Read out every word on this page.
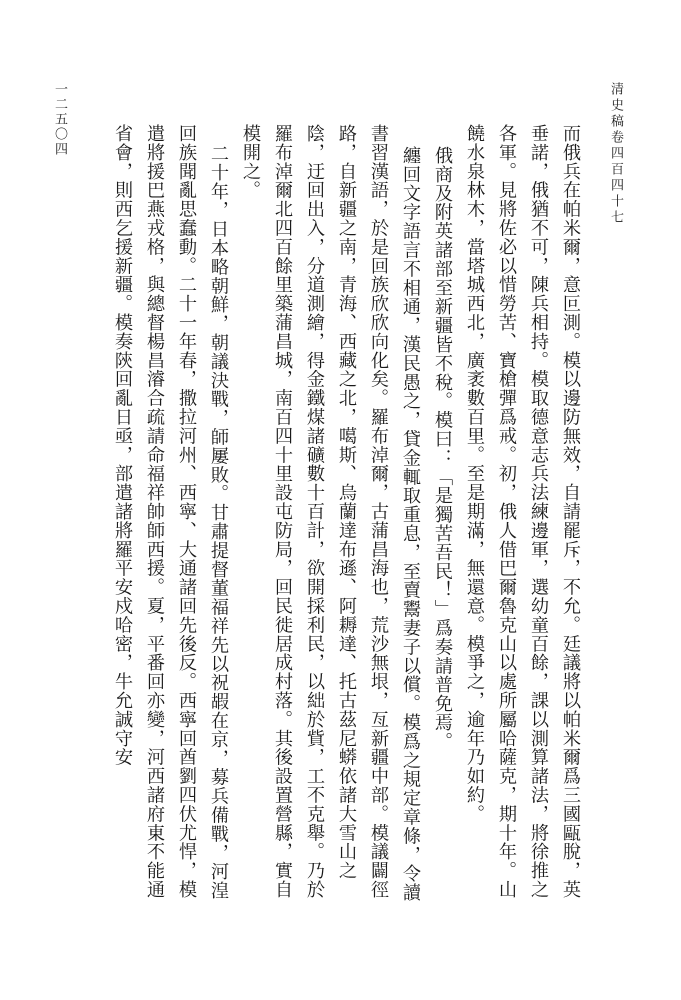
清史稿卷四百四十七
一二五〇四

而俄兵在帕米爾，意叵測。模以邊防無效，自請罷斥，不允。廷議將以帕米爾爲三國甌脫，英垂諾，俄猶不可，陳兵相持。模取德意志兵法練邊軍，選幼童百餘，課以測算諸法，將徐推之各軍。見將佐必以惜勞苦、寶槍彈爲戒。初，俄人借巴爾魯克山以處所屬哈薩克，期十年。山饒水泉林木，當塔城西北，廣袤數百里。至是期滿，無還意。模爭之，逾年乃如約。

俄商及附英諸部至新疆皆不稅。模曰：「是獨苦吾民！」爲奏請普免焉。

纏回文字語言不相通，漢民愚之，貸金輒取重息，至賣鬻妻子以償。模爲之規定章條，令讀書習漢語，於是回族欣欣向化矣。羅布淖爾，古蒲昌海也，荒沙無垠，亙新疆中部。模議闢徑路，自新疆之南，青海、西藏之北，噶斯、烏蘭達布遜、阿耨達、托古茲尼蟒依諸大雪山之陰，迂回出入，分道測繪，得金鐵煤諸礦數十百計，欲開採利民，以絀於貲，工不克舉。乃於羅布淖爾北四百餘里築蒲昌城，南百四十里設屯防局，回民徙居成村落。其後設置營縣，實自模開之。

二十年，日本略朝鮮，朝議決戰，師屢敗。甘肅提督董福祥先以祝嘏在京，募兵備戰，河湟回族聞亂思蠢動。二十一年春，撒拉河州、西寧、大通諸回先後反。西寧回酋劉四伏尤悍，模遣將援巴燕戎格，與總督楊昌濬合疏請命福祥帥師西援。夏，平番回亦變，河西諸府東不能通省會，則西乞援新疆。模奏陝回亂日亟，部遣諸將羅平安戍哈密，牛允誠守安
